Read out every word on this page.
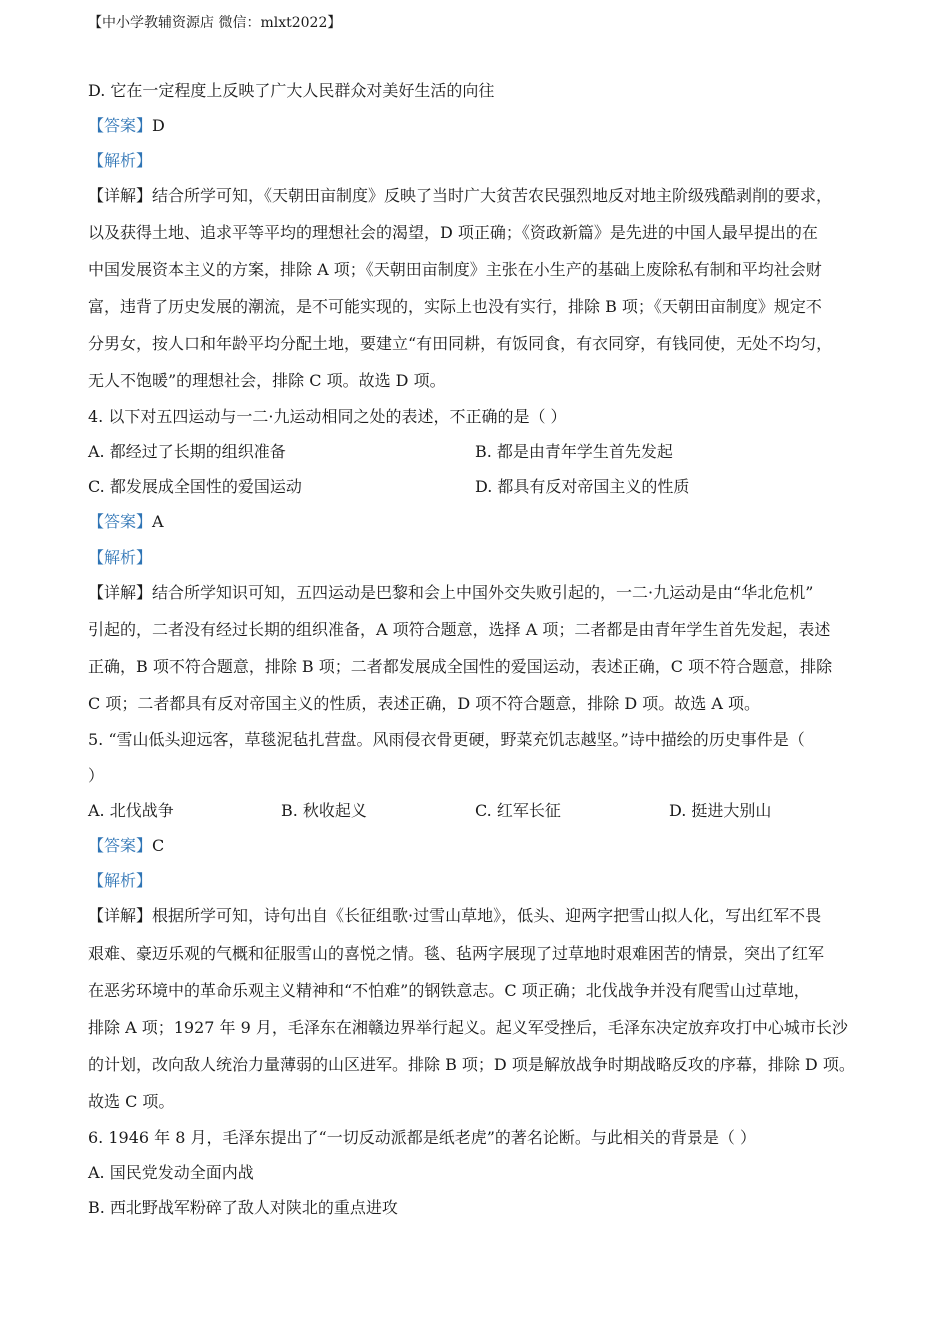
【中小学教辅资源店 微信：mlxt2022】
D. 它在一定程度上反映了广大人民群众对美好生活的向往
【答案】D
【解析】
【详解】结合所学可知，《天朝田亩制度》反映了当时广大贫苦农民强烈地反对地主阶级残酷剥削的要求，
以及获得土地、追求平等平均的理想社会的渴望，D 项正确；《资政新篇》是先进的中国人最早提出的在
中国发展资本主义的方案，排除 A 项；《天朝田亩制度》主张在小生产的基础上废除私有制和平均社会财
富，违背了历史发展的潮流，是不可能实现的，实际上也没有实行，排除 B 项；《天朝田亩制度》规定不
分男女，按人口和年龄平均分配土地，要建立“有田同耕，有饭同食，有衣同穿，有钱同使，无处不均匀，
无人不饱暖”的理想社会，排除 C 项。故选 D 项。
4. 以下对五四运动与一二·九运动相同之处的表述，不正确的是（ ）
A. 都经过了长期的组织准备	B. 都是由青年学生首先发起
C. 都发展成全国性的爱国运动	D. 都具有反对帝国主义的性质
【答案】A
【解析】
【详解】结合所学知识可知，五四运动是巴黎和会上中国外交失败引起的，一二·九运动是由“华北危机”
引起的，二者没有经过长期的组织准备，A 项符合题意，选择 A 项；二者都是由青年学生首先发起，表述
正确，B 项不符合题意，排除 B 项；二者都发展成全国性的爱国运动，表述正确，C 项不符合题意，排除
C 项；二者都具有反对帝国主义的性质，表述正确，D 项不符合题意，排除 D 项。故选 A 项。
5. “雪山低头迎远客，草毯泥毡扎营盘。风雨侵衣骨更硬，野菜充饥志越坚。”诗中描绘的历史事件是（
）
A. 北伐战争	B. 秋收起义	C. 红军长征	D. 挺进大别山
【答案】C
【解析】
【详解】根据所学可知，诗句出自《长征组歌·过雪山草地》，低头、迎两字把雪山拟人化，写出红军不畏
艰难、豪迈乐观的气概和征服雪山的喜悦之情。毯、毡两字展现了过草地时艰难困苦的情景，突出了红军
在恶劣环境中的革命乐观主义精神和“不怕难”的钢铁意志。C 项正确；北伐战争并没有爬雪山过草地，
排除 A 项；1927 年 9 月，毛泽东在湘赣边界举行起义。起义军受挫后，毛泽东决定放弃攻打中心城市长沙
的计划，改向敌人统治力量薄弱的山区进军。排除 B 项；D 项是解放战争时期战略反攻的序幕，排除 D 项。
故选 C 项。
6. 1946 年 8 月，毛泽东提出了“一切反动派都是纸老虎”的著名论断。与此相关的背景是（ ）
A. 国民党发动全面内战
B. 西北野战军粉碎了敌人对陕北的重点进攻
